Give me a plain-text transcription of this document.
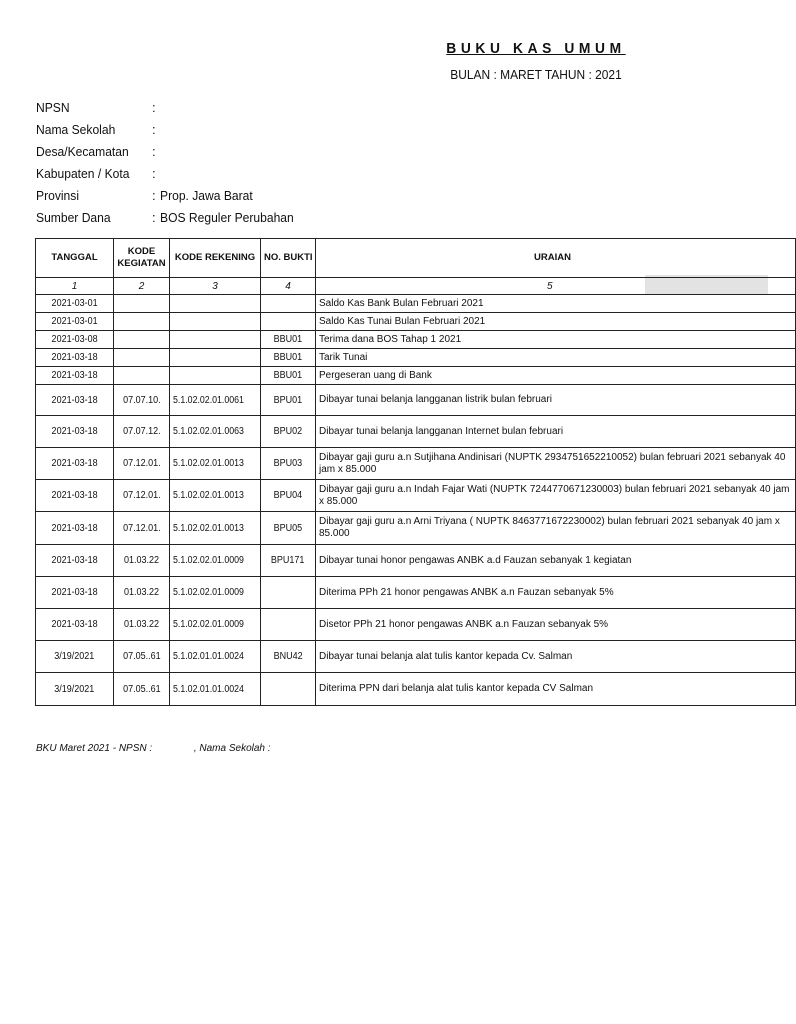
BUKU KAS UMUM
BULAN : MARET TAHUN : 2021
NPSN	:
Nama Sekolah	:
Desa/Kecamatan	:
Kabupaten / Kota	:
Provinsi	: Prop. Jawa Barat
Sumber Dana	: BOS Reguler Perubahan
TANGGAL	KODE KEGIATAN	KODE REKENING	NO. BUKTI	URAIAN
1	2	3	4	5
2021-03-01				Saldo Kas Bank Bulan Februari 2021
2021-03-01				Saldo Kas Tunai Bulan Februari 2021
2021-03-08			BBU01	Terima dana BOS Tahap 1 2021
2021-03-18			BBU01	Tarik Tunai
2021-03-18			BBU01	Pergeseran uang di Bank
2021-03-18	07.07.10.	5.1.02.02.01.0061	BPU01	Dibayar tunai belanja langganan listrik bulan februari
2021-03-18	07.07.12.	5.1.02.02.01.0063	BPU02	Dibayar tunai belanja langganan Internet bulan februari
2021-03-18	07.12.01.	5.1.02.02.01.0013	BPU03	Dibayar gaji guru a.n Sutjihana Andinisari (NUPTK 2934751652210052) bulan februari 2021 sebanyak 40 jam x 85.000
2021-03-18	07.12.01.	5.1.02.02.01.0013	BPU04	Dibayar gaji guru a.n Indah Fajar Wati (NUPTK 7244770671230003) bulan februari 2021 sebanyak 40 jam x 85.000
2021-03-18	07.12.01.	5.1.02.02.01.0013	BPU05	Dibayar gaji guru a.n Arni Triyana ( NUPTK 8463771672230002) bulan februari 2021 sebanyak 40 jam x 85.000
2021-03-18	01.03.22	5.1.02.02.01.0009	BPU171	Dibayar tunai honor pengawas ANBK a.d Fauzan sebanyak 1 kegiatan
2021-03-18	01.03.22	5.1.02.02.01.0009		Diterima PPh 21 honor pengawas ANBK a.n Fauzan sebanyak 5%
2021-03-18	01.03.22	5.1.02.02.01.0009		Disetor PPh 21 honor pengawas ANBK a.n Fauzan sebanyak 5%
3/19/2021	07.05..61	5.1.02.01.01.0024	BNU42	Dibayar tunai belanja alat tulis kantor kepada Cv. Salman
3/19/2021	07.05..61	5.1.02.01.01.0024		Diterima PPN dari belanja alat tulis kantor kepada CV Salman
BKU Maret 2021 - NPSN :               , Nama Sekolah :
